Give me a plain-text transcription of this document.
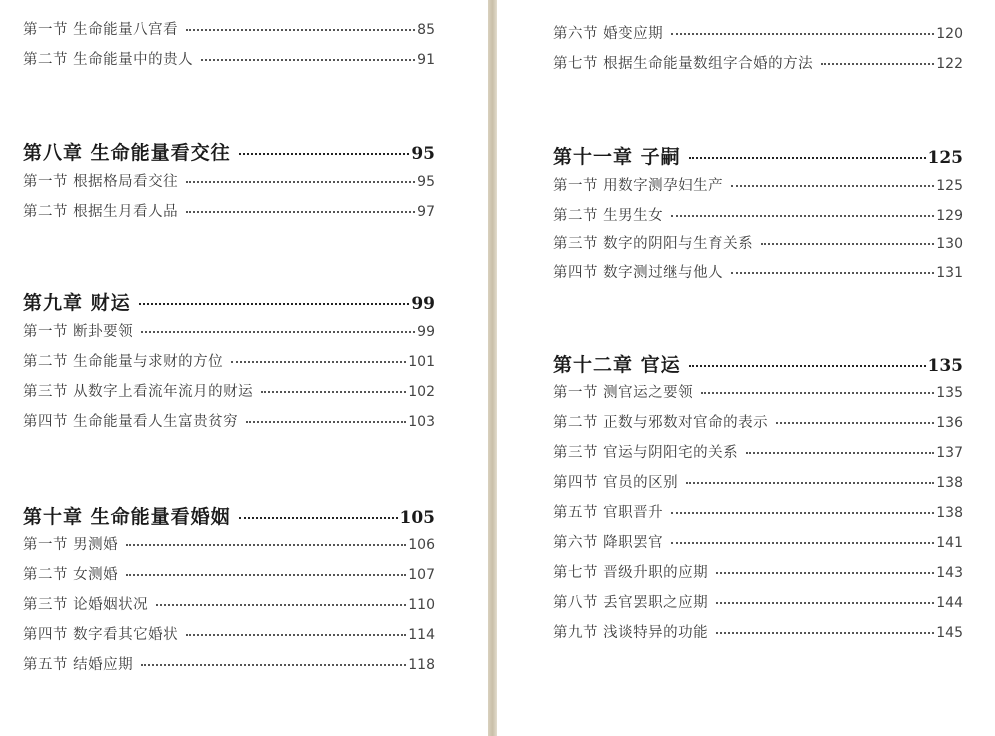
第一节 生命能量八宫看	85
第二节 生命能量中的贵人	91
第八章 生命能量看交往	95
第一节 根据格局看交往	95
第二节 根据生月看人品	97
第九章 财运	99
第一节 断卦要领	99
第二节 生命能量与求财的方位	101
第三节 从数字上看流年流月的财运	102
第四节 生命能量看人生富贵贫穷	103
第十章 生命能量看婚姻	105
第一节 男测婚	106
第二节 女测婚	107
第三节 论婚姻状况	110
第四节 数字看其它婚状	114
第五节 结婚应期	118
第六节 婚变应期	120
第七节 根据生命能量数组字合婚的方法	122
第十一章 子嗣	125
第一节 用数字测孕妇生产	125
第二节 生男生女	129
第三节 数字的阴阳与生育关系	130
第四节 数字测过继与他人	131
第十二章 官运	135
第一节 测官运之要领	135
第二节 正数与邪数对官命的表示	136
第三节 官运与阴阳宅的关系	137
第四节 官员的区别	138
第五节 官职晋升	138
第六节 降职罢官	141
第七节 晋级升职的应期	143
第八节 丢官罢职之应期	144
第九节 浅谈特异的功能	145
